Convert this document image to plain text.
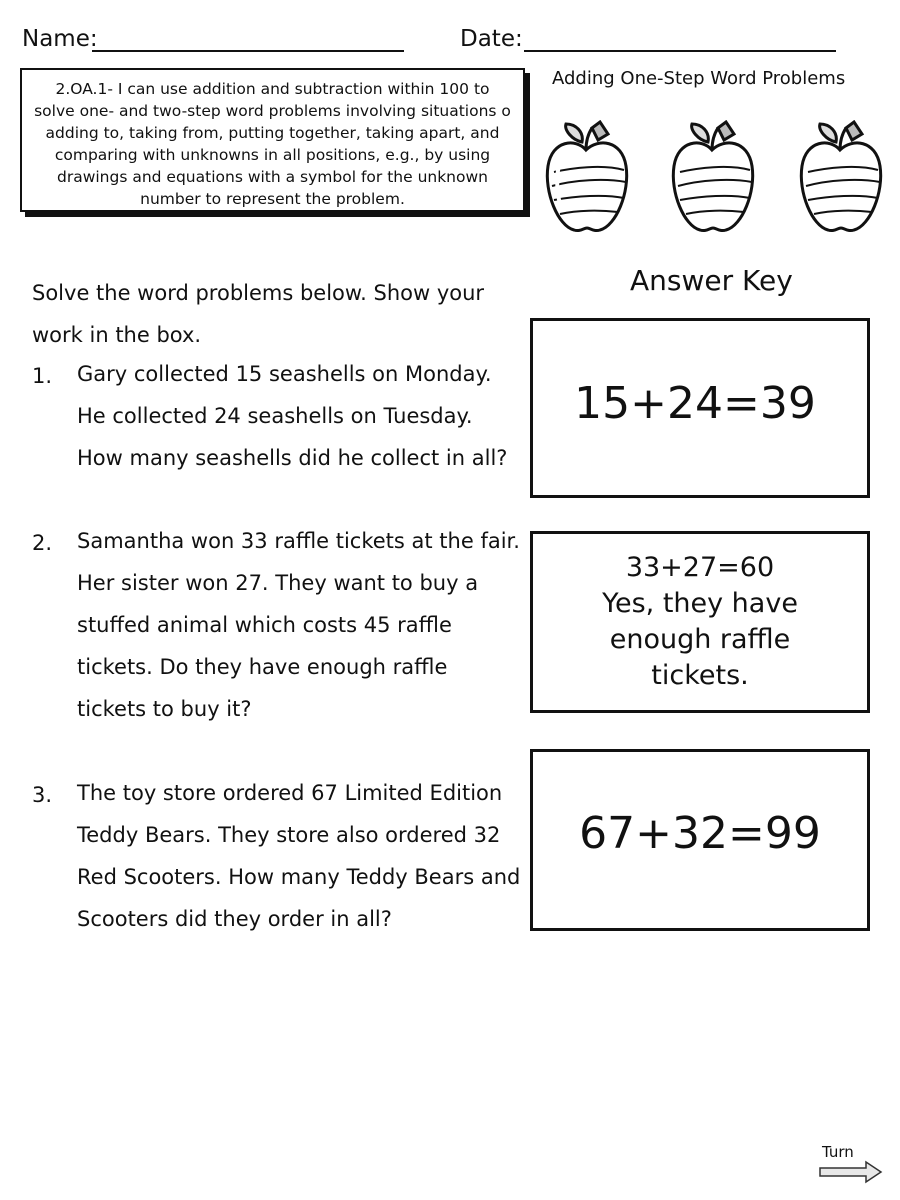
Name:	Date:
2.OA.1- I can use addition and subtraction within 100 to solve one- and two-step word problems involving situations o adding to, taking from, putting together, taking apart, and comparing with unknowns in all positions, e.g., by using drawings and equations with a symbol for the unknown number to represent the problem.
Adding One-Step Word Problems
Solve the word problems below. Show your work in the box.
Answer Key
1. Gary collected 15 seashells on Monday. He collected 24 seashells on Tuesday. How many seashells did he collect in all?
15+24=39
2. Samantha won 33 raffle tickets at the fair. Her sister won 27. They want to buy a stuffed animal which costs 45 raffle tickets. Do they have enough raffle tickets to buy it?
33+27=60
Yes, they have enough raffle tickets.
3. The toy store ordered 67 Limited Edition Teddy Bears. They store also ordered 32 Red Scooters. How many Teddy Bears and Scooters did they order in all?
67+32=99
Turn
